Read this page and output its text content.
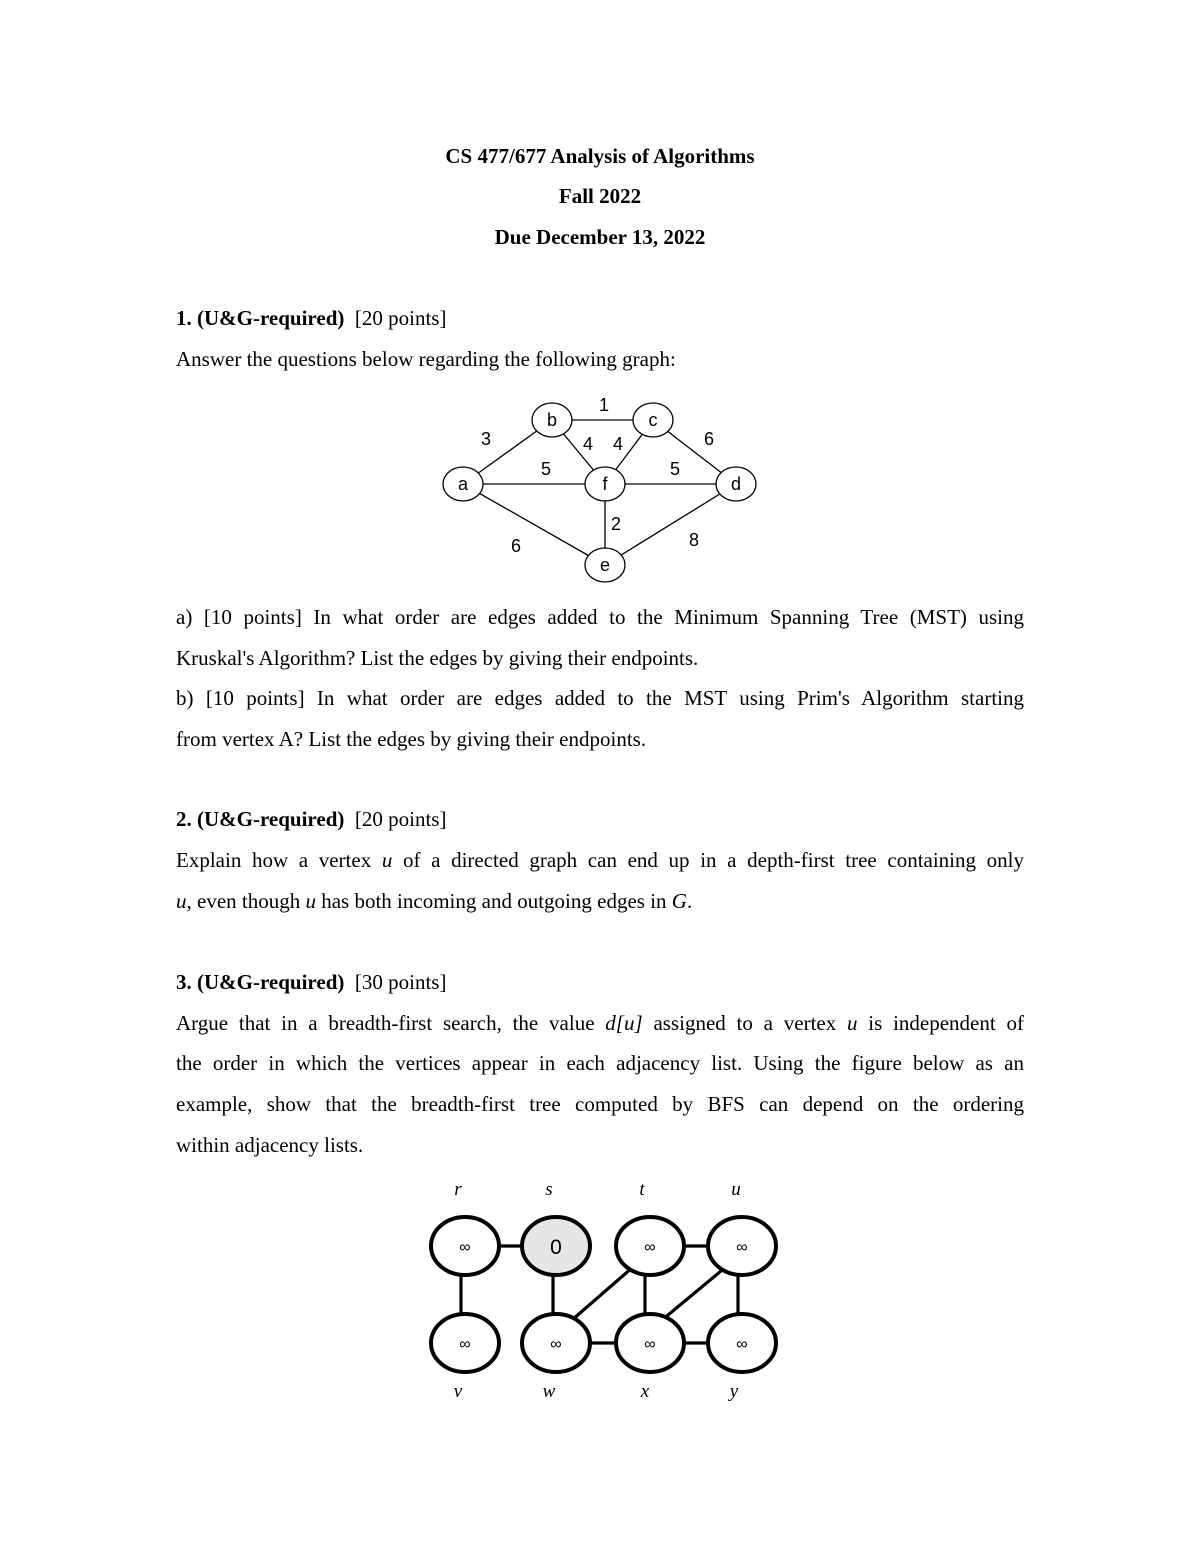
CS 477/677 Analysis of Algorithms
Fall 2022
Due December 13, 2022
1. (U&G-required) [20 points]
Answer the questions below regarding the following graph:
3
1
6
4 4
5	5
2
6	8
a
b	c
d
e
f
a) [10 points] In what order are edges added to the Minimum Spanning Tree (MST) using
Kruskal's Algorithm? List the edges by giving their endpoints.
b) [10 points] In what order are edges added to the MST using Prim's Algorithm starting
from vertex A? List the edges by giving their endpoints.
2. (U&G-required) [20 points]
Explain how a vertex u of a directed graph can end up in a depth-first tree containing only
u, even though u has both incoming and outgoing edges in G.
3. (U&G-required) [30 points]
Argue that in a breadth-first search, the value d[u] assigned to a vertex u is independent of
the order in which the vertices appear in each adjacency list. Using the figure below as an
example, show that the breadth-first tree computed by BFS can depend on the ordering
within adjacency lists.
r	s	t	u
v	w	x	y
∞	0	∞	∞
∞	∞	∞	∞
